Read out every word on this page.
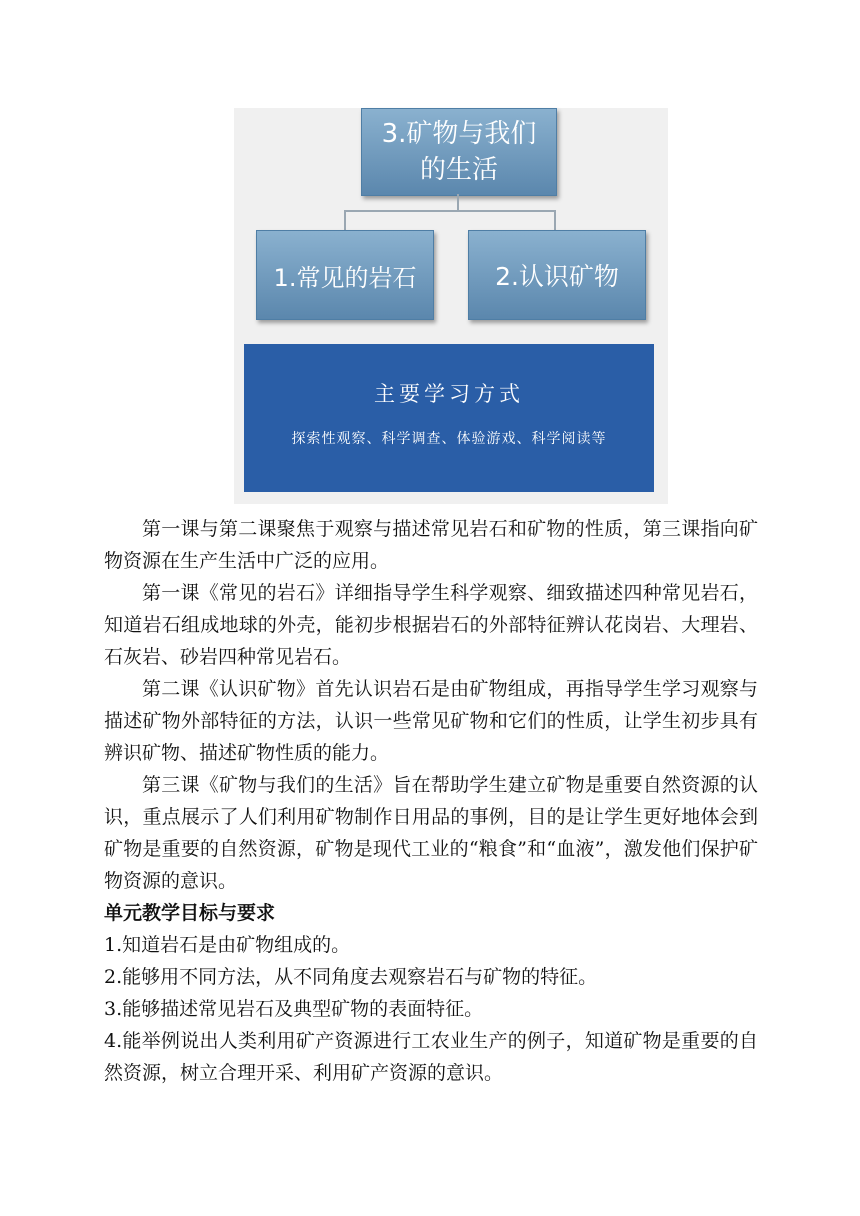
3.矿物与我们
的生活
1.常见的岩石	2.认识矿物
主要学习方式
探索性观察、科学调查、体验游戏、科学阅读等

第一课与第二课聚焦于观察与描述常见岩石和矿物的性质，第三课指向矿物资源在生产生活中广泛的应用。

第一课《常见的岩石》详细指导学生科学观察、细致描述四种常见岩石，知道岩石组成地球的外壳，能初步根据岩石的外部特征辨认花岗岩、大理岩、石灰岩、砂岩四种常见岩石。

第二课《认识矿物》首先认识岩石是由矿物组成，再指导学生学习观察与描述矿物外部特征的方法，认识一些常见矿物和它们的性质，让学生初步具有辨识矿物、描述矿物性质的能力。

第三课《矿物与我们的生活》旨在帮助学生建立矿物是重要自然资源的认识，重点展示了人们利用矿物制作日用品的事例，目的是让学生更好地体会到矿物是重要的自然资源，矿物是现代工业的“粮食”和“血液”，激发他们保护矿物资源的意识。

单元教学目标与要求

1.知道岩石是由矿物组成的。

2.能够用不同方法，从不同角度去观察岩石与矿物的特征。

3.能够描述常见岩石及典型矿物的表面特征。

4.能举例说出人类利用矿产资源进行工农业生产的例子，知道矿物是重要的自然资源，树立合理开采、利用矿产资源的意识。
